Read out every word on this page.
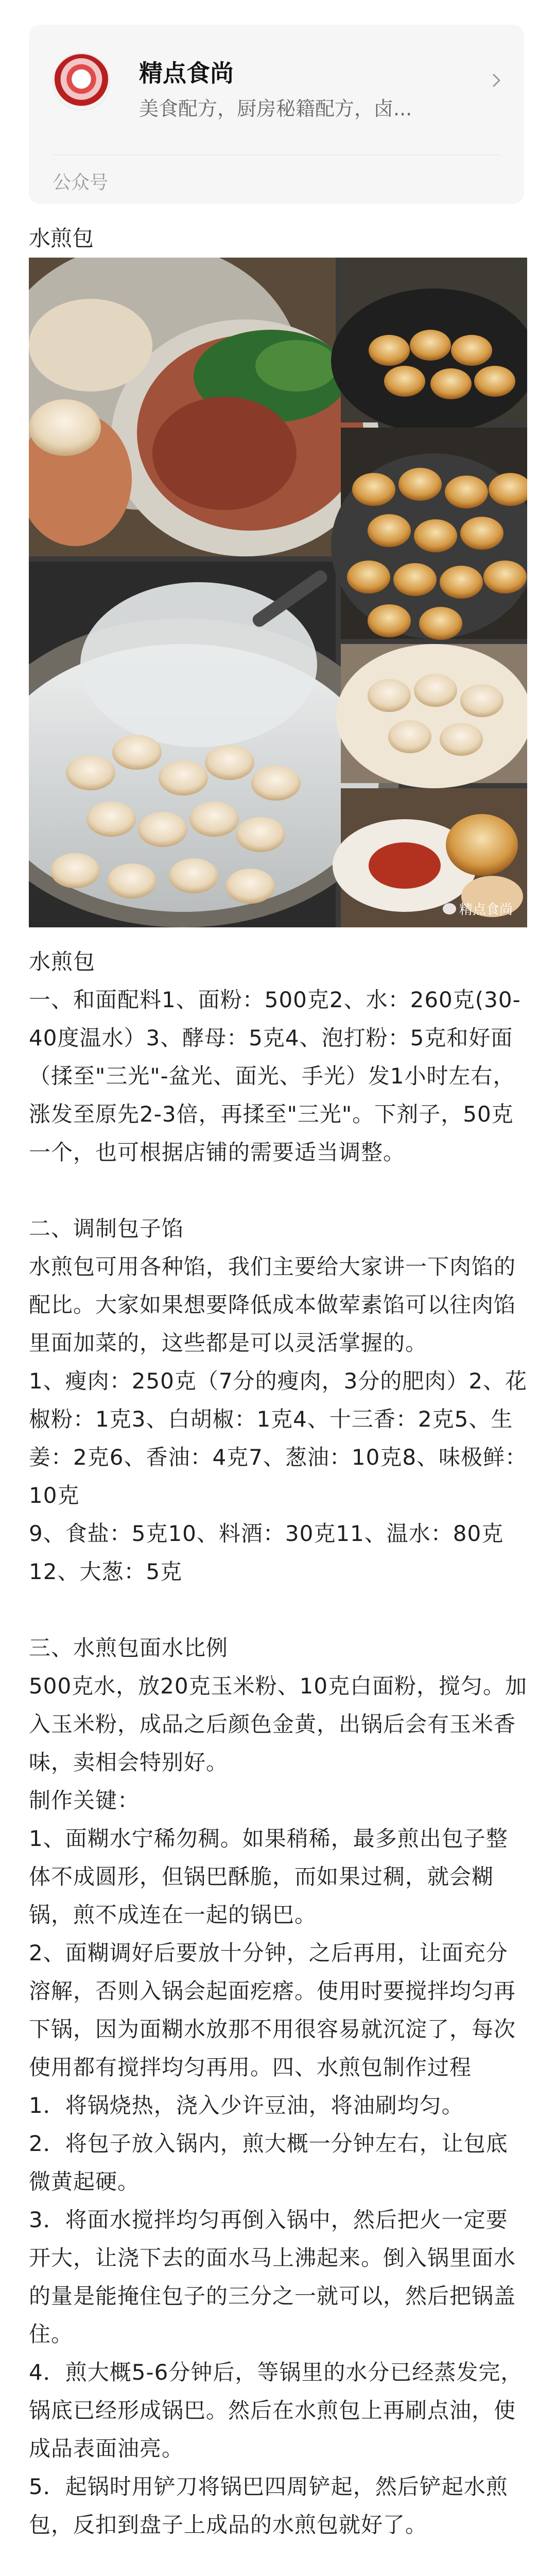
精点食尚
美食配方，厨房秘籍配方，卤...
公众号
水煎包
精点食尚

水煎包

一、和面配料1、面粉：500克2、水：260克(30-40度温水）3、酵母：5克4、泡打粉：5克和好面（揉至"三光"-盆光、面光、手光）发1小时左右，涨发至原先2-3倍，再揉至"三光"。下剂子，50克一个，也可根据店铺的需要适当调整。

二、调制包子馅

水煎包可用各种馅，我们主要给大家讲一下肉馅的配比。大家如果想要降低成本做荤素馅可以往肉馅里面加菜的，这些都是可以灵活掌握的。

1、瘦肉：250克（7分的瘦肉，3分的肥肉）2、花椒粉：1克3、白胡椒：1克4、十三香：2克5、生姜：2克6、香油：4克7、葱油：10克8、味极鲜：10克

9、食盐：5克10、料酒：30克11、温水：80克12、大葱：5克

三、水煎包面水比例

500克水，放20克玉米粉、10克白面粉，搅匀。加入玉米粉，成品之后颜色金黄，出锅后会有玉米香味，卖相会特别好。

制作关键：

1、面糊水宁稀勿稠。如果稍稀，最多煎出包子整体不成圆形，但锅巴酥脆，而如果过稠，就会糊锅，煎不成连在一起的锅巴。

2、面糊调好后要放十分钟，之后再用，让面充分溶解，否则入锅会起面疙瘩。使用时要搅拌均匀再下锅，因为面糊水放那不用很容易就沉淀了，每次使用都有搅拌均匀再用。四、水煎包制作过程

1．将锅烧热，浇入少许豆油，将油刷均匀。

2．将包子放入锅内，煎大概一分钟左右，让包底微黄起硬。

3．将面水搅拌均匀再倒入锅中，然后把火一定要开大，让浇下去的面水马上沸起来。倒入锅里面水的量是能掩住包子的三分之一就可以，然后把锅盖住。

4．煎大概5-6分钟后，等锅里的水分已经蒸发完，锅底已经形成锅巴。然后在水煎包上再刷点油，使成品表面油亮。

5．起锅时用铲刀将锅巴四周铲起，然后铲起水煎包，反扣到盘子上成品的水煎包就好了。
